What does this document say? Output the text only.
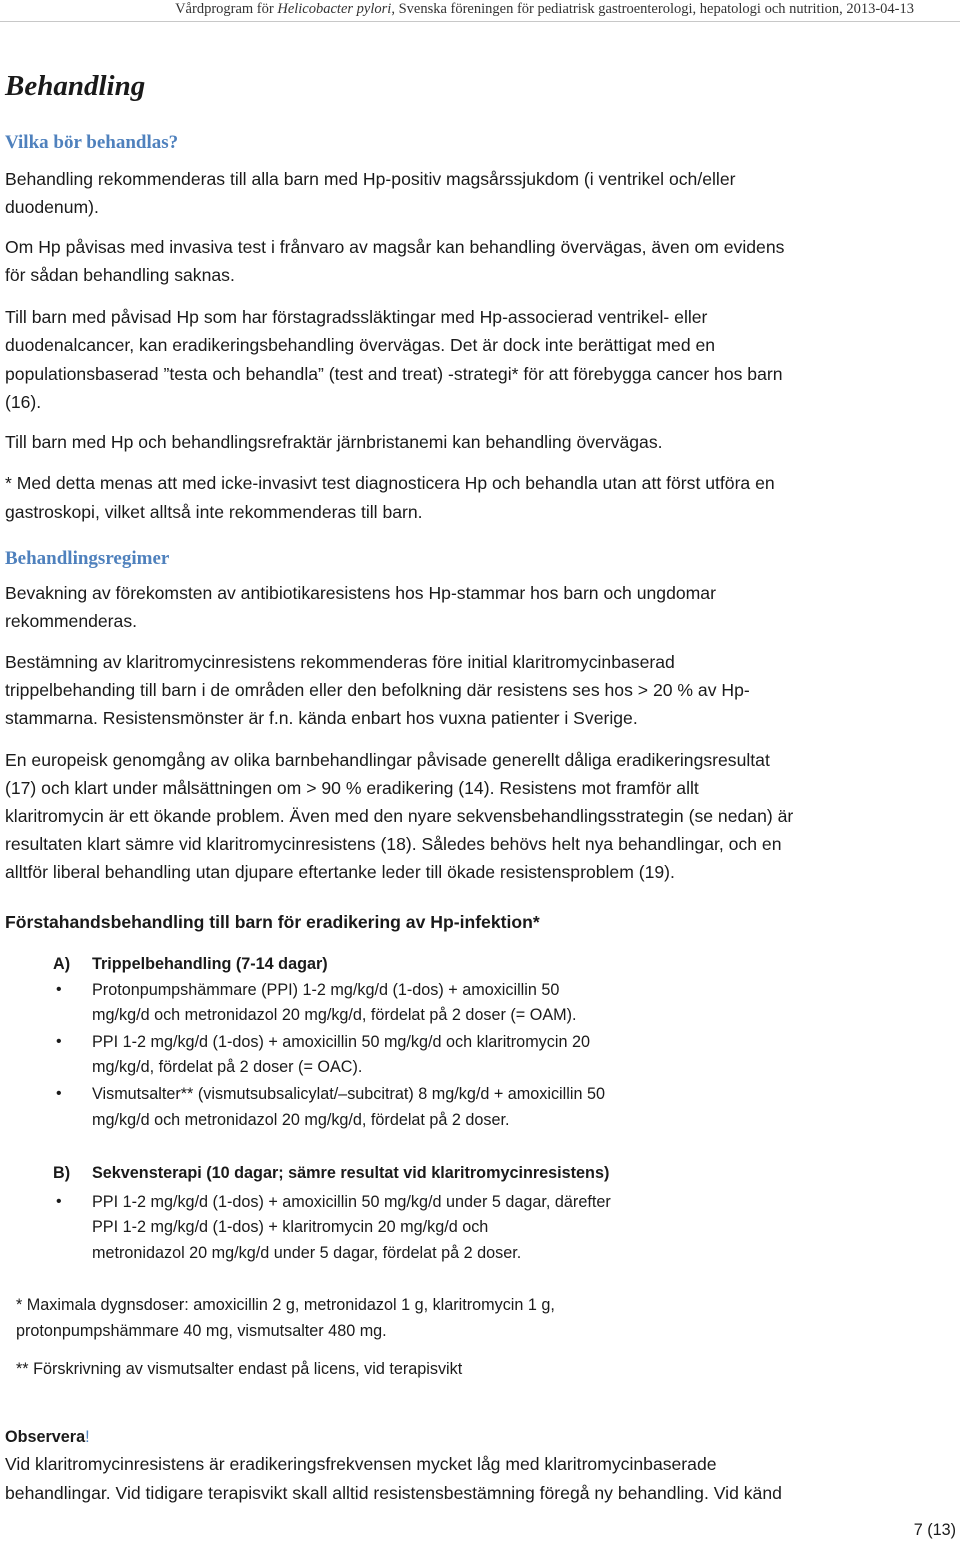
Vårdprogram för Helicobacter pylori, Svenska föreningen för pediatrisk gastroenterologi, hepatologi och nutrition, 2013-04-13
Behandling
Vilka bör behandlas?
Behandling rekommenderas till alla barn med Hp-positiv magsårssjukdom (i ventrikel och/eller
duodenum).
Om Hp påvisas med invasiva test i frånvaro av magsår kan behandling övervägas, även om evidens
för sådan behandling saknas.
Till barn med påvisad Hp som har förstagradssläktingar med Hp-associerad ventrikel- eller
duodenalcancer, kan eradikeringsbehandling övervägas. Det är dock inte berättigat med en
populationsbaserad ”testa och behandla” (test and treat) -strategi* för att förebygga cancer hos barn
(16).
Till barn med Hp och behandlingsrefraktär järnbristanemi kan behandling övervägas.
* Med detta menas att med icke-invasivt test diagnosticera Hp och behandla utan att först utföra en
gastroskopi, vilket alltså inte rekommenderas till barn.
Behandlingsregimer
Bevakning av förekomsten av antibiotikaresistens hos Hp-stammar hos barn och ungdomar
rekommenderas.
Bestämning av klaritromycinresistens rekommenderas före initial klaritromycinbaserad
trippelbehanding till barn i de områden eller den befolkning där resistens ses hos > 20 % av Hp-
stammarna. Resistensmönster är f.n. kända enbart hos vuxna patienter i Sverige.
En europeisk genomgång av olika barnbehandlingar påvisade generellt dåliga eradikeringsresultat
(17) och klart under målsättningen om > 90 % eradikering (14). Resistens mot framför allt
klaritromycin är ett ökande problem. Även med den nyare sekvensbehandlingsstrategin (se nedan) är
resultaten klart sämre vid klaritromycinresistens (18). Således behövs helt nya behandlingar, och en
alltför liberal behandling utan djupare eftertanke leder till ökade resistensproblem (19).
Förstahandsbehandling till barn för eradikering av Hp-infektion*
A) Trippelbehandling (7-14 dagar)
• Protonpumpshämmare (PPI) 1-2 mg/kg/d (1-dos) + amoxicillin 50
mg/kg/d och metronidazol 20 mg/kg/d, fördelat på 2 doser (= OAM).
• PPI 1-2 mg/kg/d (1-dos) + amoxicillin 50 mg/kg/d och klaritromycin 20
mg/kg/d, fördelat på 2 doser (= OAC).
• Vismutsalter** (vismutsubsalicylat/–subcitrat) 8 mg/kg/d + amoxicillin 50
mg/kg/d och metronidazol 20 mg/kg/d, fördelat på 2 doser.
B) Sekvensterapi (10 dagar; sämre resultat vid klaritromycinresistens)
• PPI 1-2 mg/kg/d (1-dos) + amoxicillin 50 mg/kg/d under 5 dagar, därefter
PPI 1-2 mg/kg/d (1-dos) + klaritromycin 20 mg/kg/d och
metronidazol 20 mg/kg/d under 5 dagar, fördelat på 2 doser.
* Maximala dygnsdoser: amoxicillin 2 g, metronidazol 1 g, klaritromycin 1 g,
protonpumpshämmare 40 mg, vismutsalter 480 mg.
** Förskrivning av vismutsalter endast på licens, vid terapisvikt
Observera!
Vid klaritromycinresistens är eradikeringsfrekvensen mycket låg med klaritromycinbaserade
behandlingar. Vid tidigare terapisvikt skall alltid resistensbestämning föregå ny behandling. Vid känd
7 (13)
